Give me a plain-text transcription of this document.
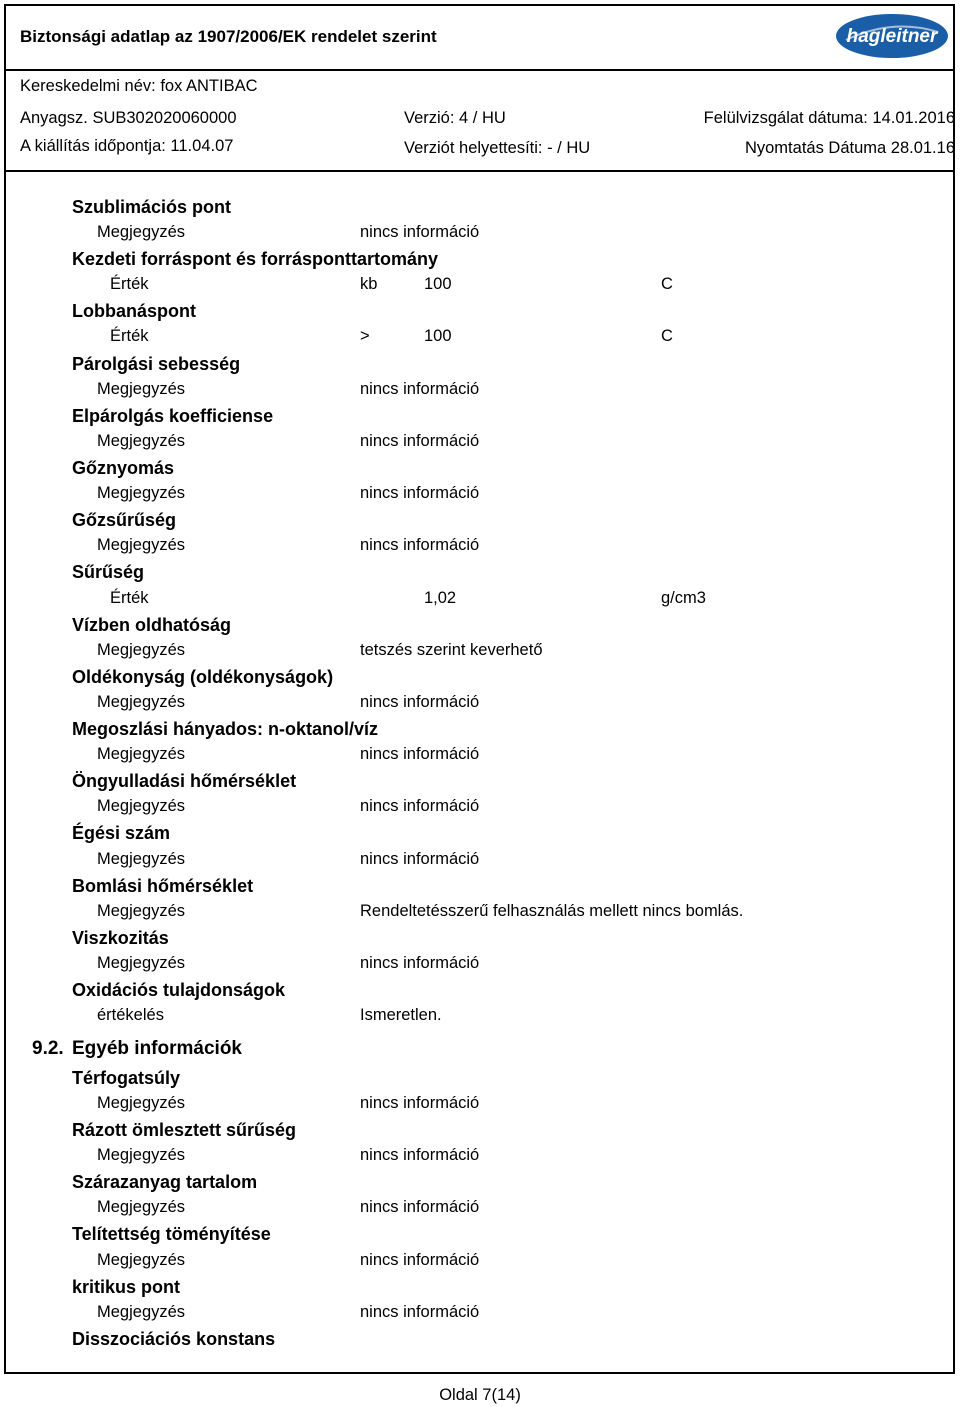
Biztonsági adatlap az 1907/2006/EK rendelet szerint	hagleitner
Kereskedelmi név: fox ANTIBAC
Anyagsz. SUB302020060000	Verzió: 4 / HU	Felülvizsgálat dátuma: 14.01.2016
A kiállítás időpontja: 11.04.07	Verziót helyettesíti: - / HU	Nyomtatás Dátuma 28.01.16
Szublimációs pont
Megjegyzés	nincs információ
Kezdeti forráspont és forrásponttartomány
Érték	kb	100	C
Lobbanáspont
Érték	>	100	C
Párolgási sebesség
Megjegyzés	nincs információ
Elpárolgás koefficiense
Megjegyzés	nincs információ
Gőznyomás
Megjegyzés	nincs információ
Gőzsűrűség
Megjegyzés	nincs információ
Sűrűség
Érték	1,02	g/cm3
Vízben oldhatóság
Megjegyzés	tetszés szerint keverhető
Oldékonyság (oldékonyságok)
Megjegyzés	nincs információ
Megoszlási hányados: n-oktanol/víz
Megjegyzés	nincs információ
Öngyulladási hőmérséklet
Megjegyzés	nincs információ
Égési szám
Megjegyzés	nincs információ
Bomlási hőmérséklet
Megjegyzés	Rendeltetésszerű felhasználás mellett nincs bomlás.
Viszkozitás
Megjegyzés	nincs információ
Oxidációs tulajdonságok
értékelés	Ismeretlen.
9.2. Egyéb információk
Térfogatsúly
Megjegyzés	nincs információ
Rázott ömlesztett sűrűség
Megjegyzés	nincs információ
Szárazanyag tartalom
Megjegyzés	nincs információ
Telítettség töményítése
Megjegyzés	nincs információ
kritikus pont
Megjegyzés	nincs információ
Disszociációs konstans
Oldal 7(14)
